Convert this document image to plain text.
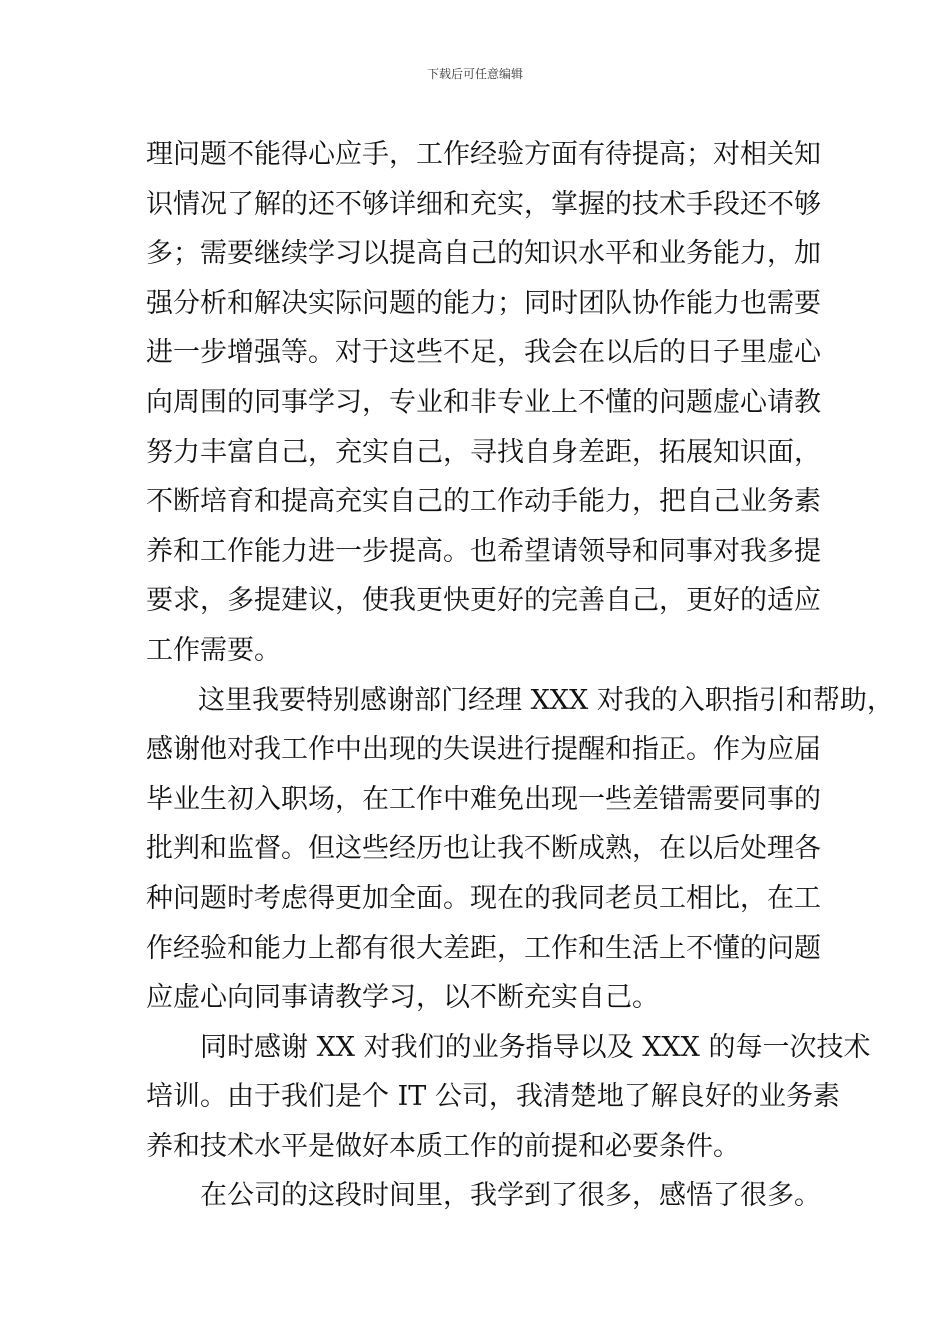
下载后可任意编辑
理问题不能得心应手，工作经验方面有待提高；对相关知
识情况了解的还不够详细和充实，掌握的技术手段还不够
多；需要继续学习以提高自己的知识水平和业务能力，加
强分析和解决实际问题的能力；同时团队协作能力也需要
进一步增强等。对于这些不足，我会在以后的日子里虚心
向周围的同事学习，专业和非专业上不懂的问题虚心请教
努力丰富自己，充实自己，寻找自身差距，拓展知识面，
不断培育和提高充实自己的工作动手能力，把自己业务素
养和工作能力进一步提高。也希望请领导和同事对我多提
要求，多提建议，使我更快更好的完善自己，更好的适应
工作需要。
这里我要特别感谢部门经理 XXX 对我的入职指引和帮助，
感谢他对我工作中出现的失误进行提醒和指正。作为应届
毕业生初入职场，在工作中难免出现一些差错需要同事的
批判和监督。但这些经历也让我不断成熟，在以后处理各
种问题时考虑得更加全面。现在的我同老员工相比，在工
作经验和能力上都有很大差距，工作和生活上不懂的问题
应虚心向同事请教学习，以不断充实自己。
同时感谢 XX 对我们的业务指导以及 XXX 的每一次技术
培训。由于我们是个 IT 公司，我清楚地了解良好的业务素
养和技术水平是做好本质工作的前提和必要条件。
在公司的这段时间里，我学到了很多，感悟了很多。
